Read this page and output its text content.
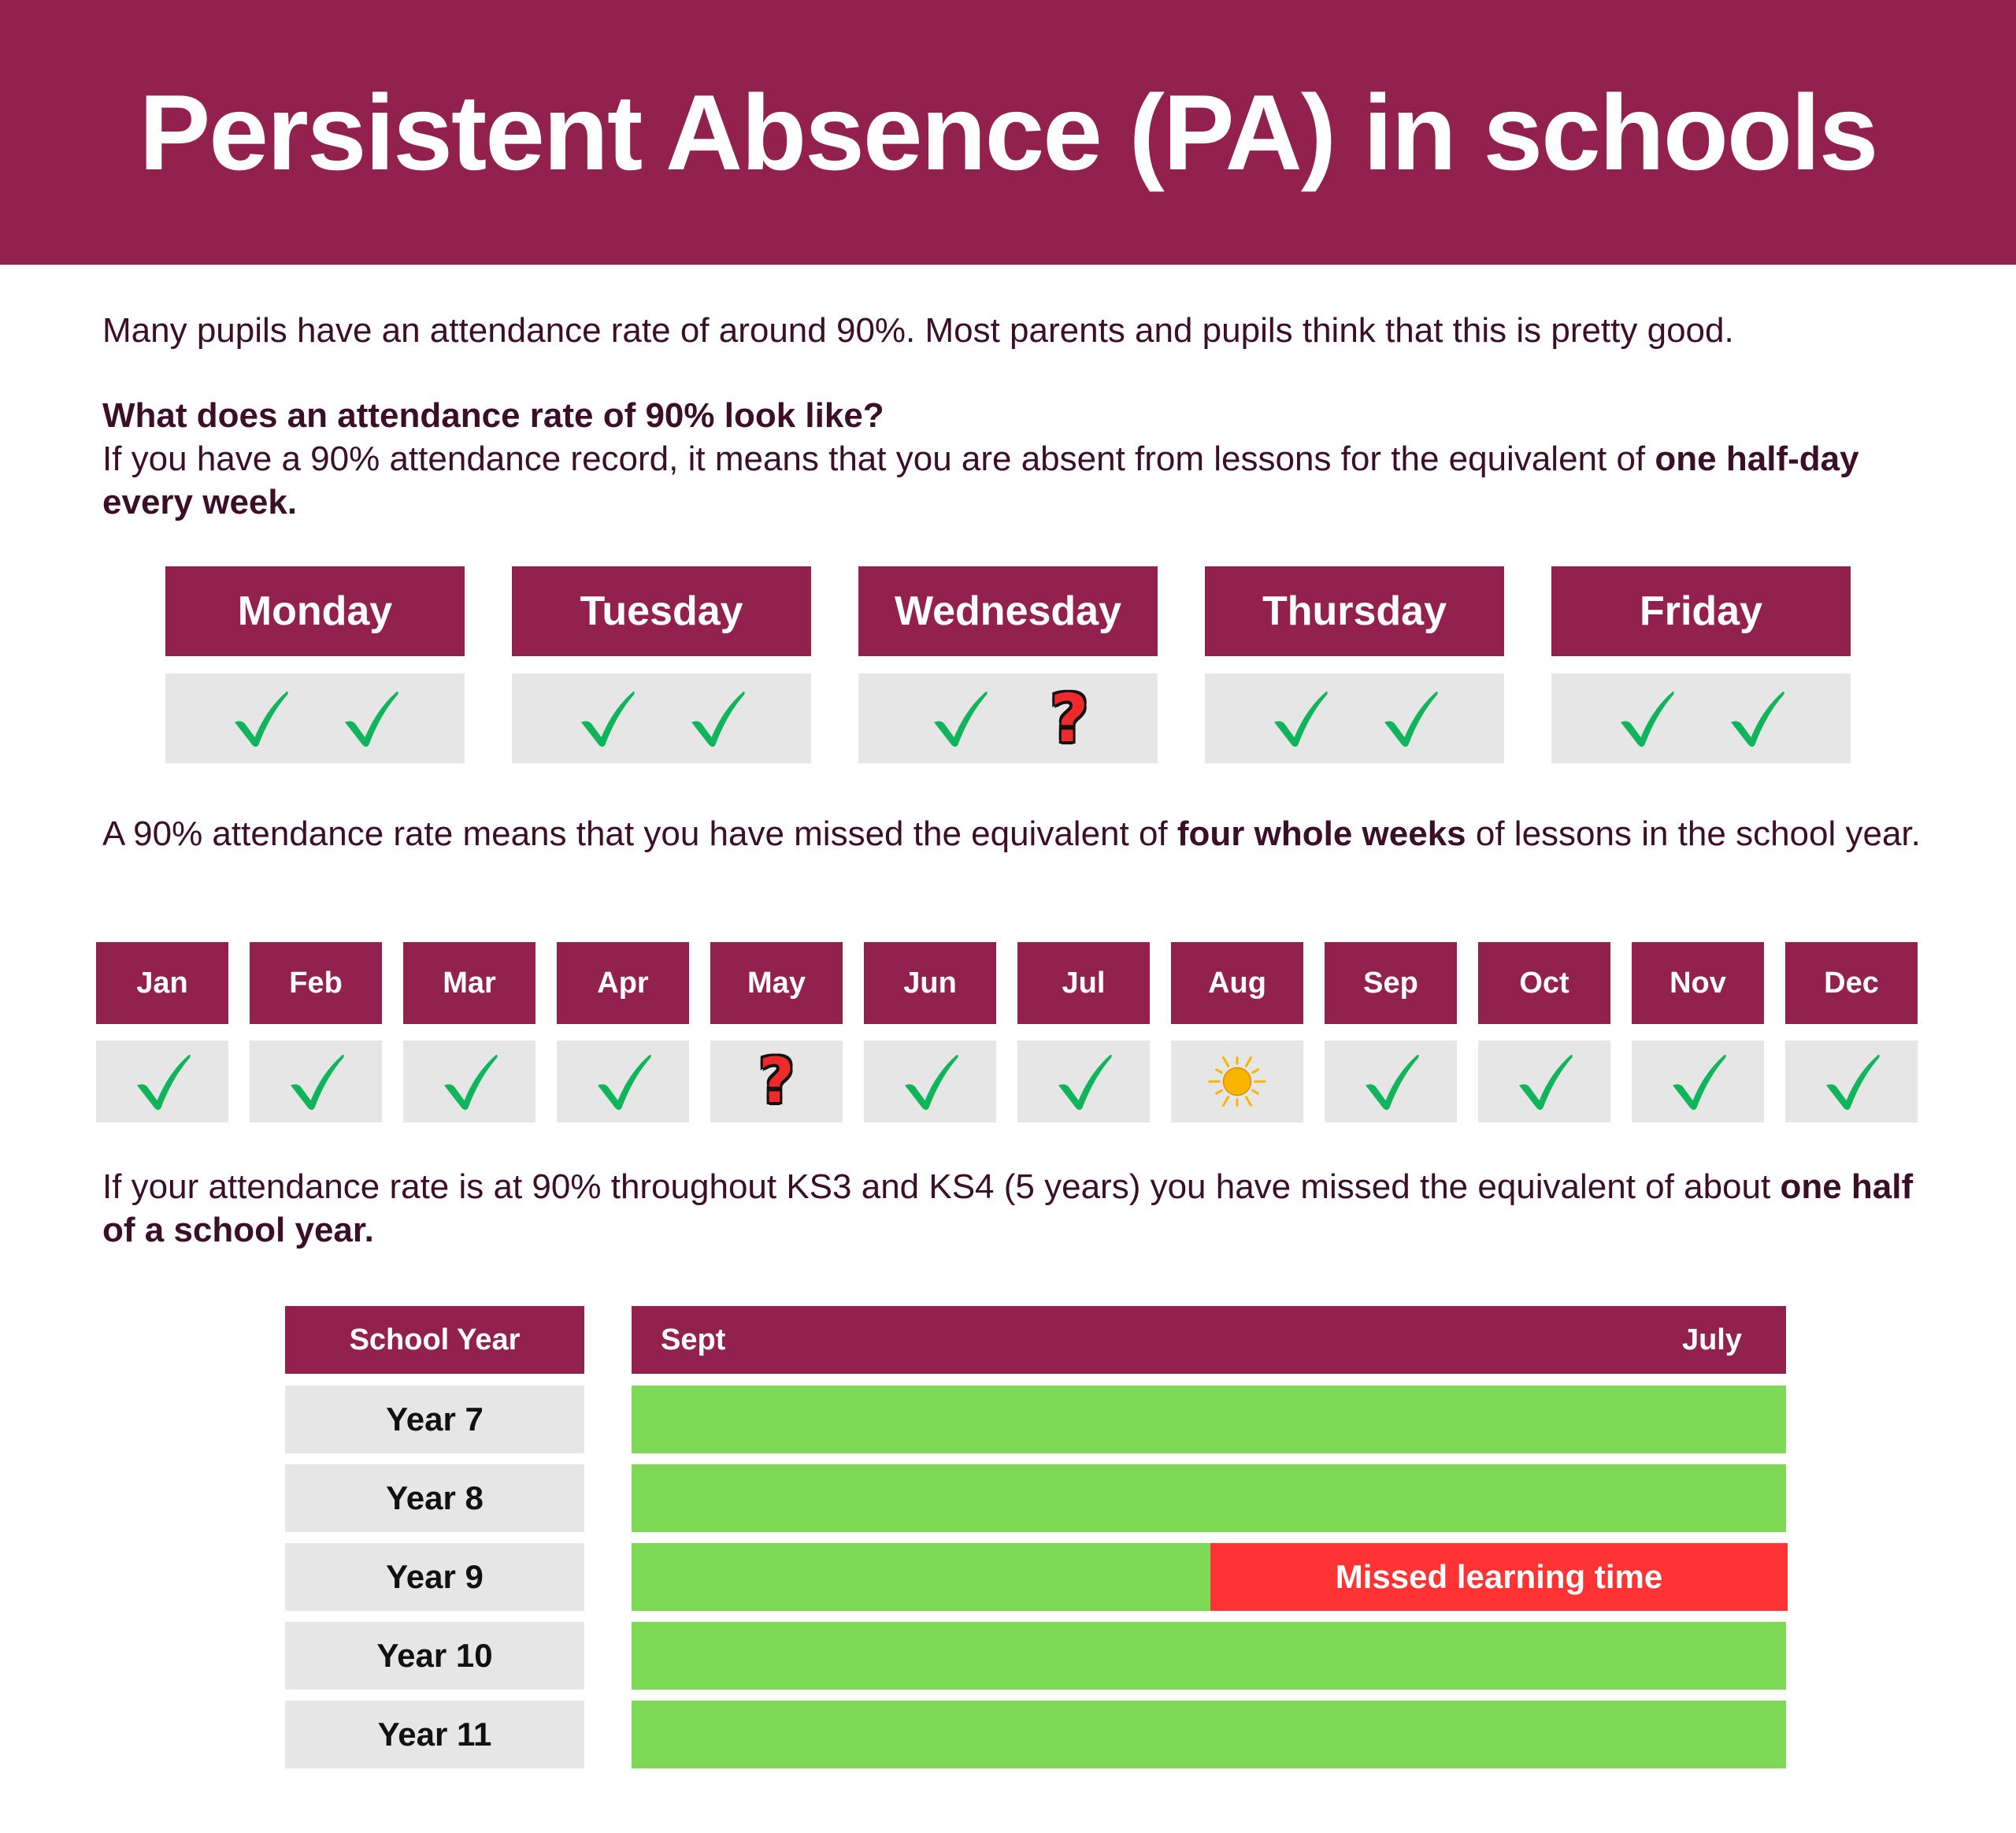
Persistent Absence (PA) in schools

Many pupils have an attendance rate of around 90%. Most parents and pupils think that this is pretty good.

What does an attendance rate of 90% look like?
If you have a 90% attendance record, it means that you are absent from lessons for the equivalent of one half-day every week.

Monday	Tuesday	Wednesday
?
Thursday	Friday

A 90% attendance rate means that you have missed the equivalent of four whole weeks of lessons in the school year.

Jan	Feb	Mar	Apr	May
?
Jun	Jul	Aug	Sep	Oct	Nov	Dec

If your attendance rate is at 90% throughout KS3 and KS4 (5 years) you have missed the equivalent of about one half of a school year.

School Year	Sept	July
Year 7
Year 8
Year 9	Missed learning time
Year 10
Year 11
